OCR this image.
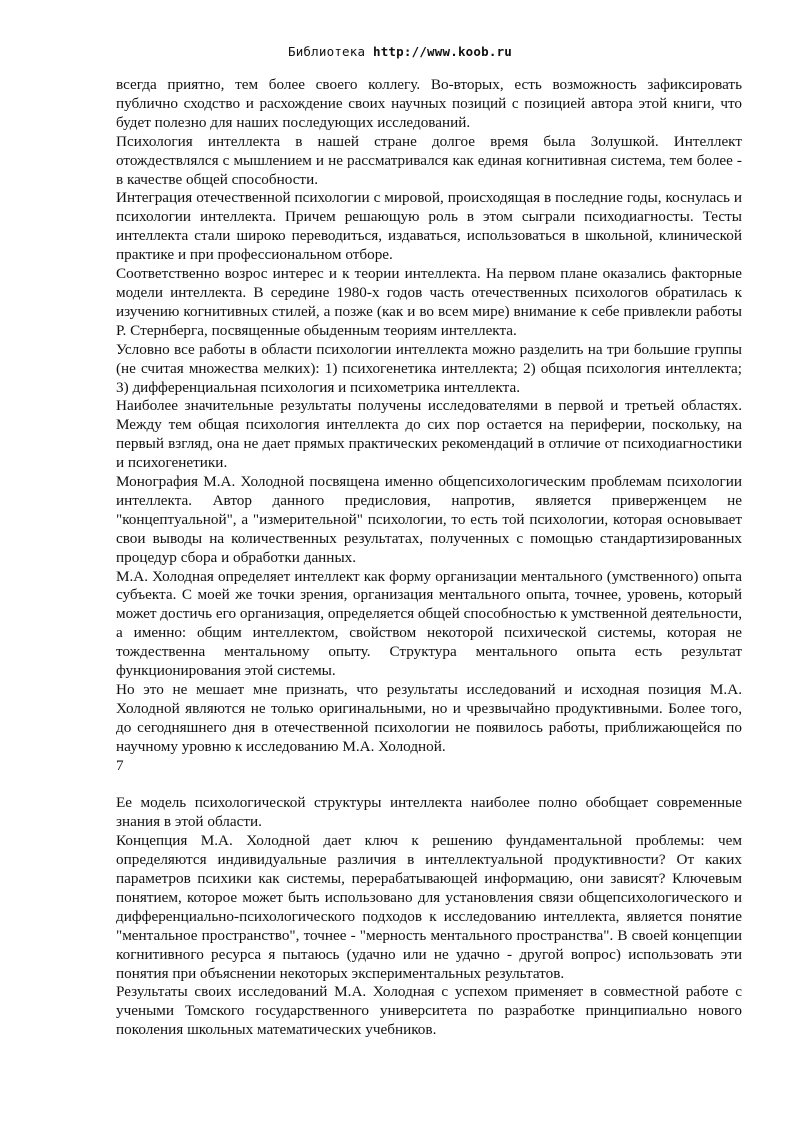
Библиотека http://www.koob.ru

всегда приятно, тем более своего коллегу. Во-вторых, есть возможность зафиксировать публично сходство и расхождение своих научных позиций с позицией автора этой книги, что будет полезно для наших последующих исследований.

Психология интеллекта в нашей стране долгое время была Золушкой. Интеллект отождествлялся с мышлением и не рассматривался как единая когнитивная система, тем более - в качестве общей способности.

Интеграция отечественной психологии с мировой, происходящая в последние годы, коснулась и психологии интеллекта. Причем решающую роль в этом сыграли психодиагносты. Тесты интеллекта стали широко переводиться, издаваться, использоваться в школьной, клинической практике и при профессиональном отборе.

Соответственно возрос интерес и к теории интеллекта. На первом плане оказались факторные модели интеллекта. В середине 1980-х годов часть отечественных психологов обратилась к изучению когнитивных стилей, а позже (как и во всем мире) внимание к себе привлекли работы Р. Стернберга, посвященные обыденным теориям интеллекта.

Условно все работы в области психологии интеллекта можно разделить на три большие группы (не считая множества мелких): 1) психогенетика интеллекта; 2) общая психология интеллекта; 3) дифференциальная психология и психометрика интеллекта.

Наиболее значительные результаты получены исследователями в первой и третьей областях. Между тем общая психология интеллекта до сих пор остается на периферии, поскольку, на первый взгляд, она не дает прямых практических рекомендаций в отличие от психодиагностики и психогенетики.

Монография М.А. Холодной посвящена именно общепсихологическим проблемам психологии интеллекта. Автор данного предисловия, напротив, является приверженцем не "концептуальной", а "измерительной" психологии, то есть той психологии, которая основывает свои выводы на количественных результатах, полученных с помощью стандартизированных процедур сбора и обработки данных.

М.А. Холодная определяет интеллект как форму организации ментального (умственного) опыта субъекта. С моей же точки зрения, организация ментального опыта, точнее, уровень, который может достичь его организация, определяется общей способностью к умственной деятельности, а именно: общим интеллектом, свойством некоторой психической системы, которая не тождественна ментальному опыту. Структура ментального опыта есть результат функционирования этой системы.

Но это не мешает мне признать, что результаты исследований и исходная позиция М.А. Холодной являются не только оригинальными, но и чрезвычайно продуктивными. Более того, до сегодняшнего дня в отечественной психологии не появилось работы, приближающейся по научному уровню к исследованию М.А. Холодной.

7

Ее модель психологической структуры интеллекта наиболее полно обобщает современные знания в этой области.

Концепция М.А. Холодной дает ключ к решению фундаментальной проблемы: чем определяются индивидуальные различия в интеллектуальной продуктивности? От каких параметров психики как системы, перерабатывающей информацию, они зависят? Ключевым понятием, которое может быть использовано для установления связи общепсихологического и дифференциально-психологического подходов к исследованию интеллекта, является понятие "ментальное пространство", точнее - "мерность ментального пространства". В своей концепции когнитивного ресурса я пытаюсь (удачно или не удачно - другой вопрос) использовать эти понятия при объяснении некоторых экспериментальных результатов.

Результаты своих исследований М.А. Холодная с успехом применяет в совместной работе с учеными Томского государственного университета по разработке принципиально нового поколения школьных математических учебников.
